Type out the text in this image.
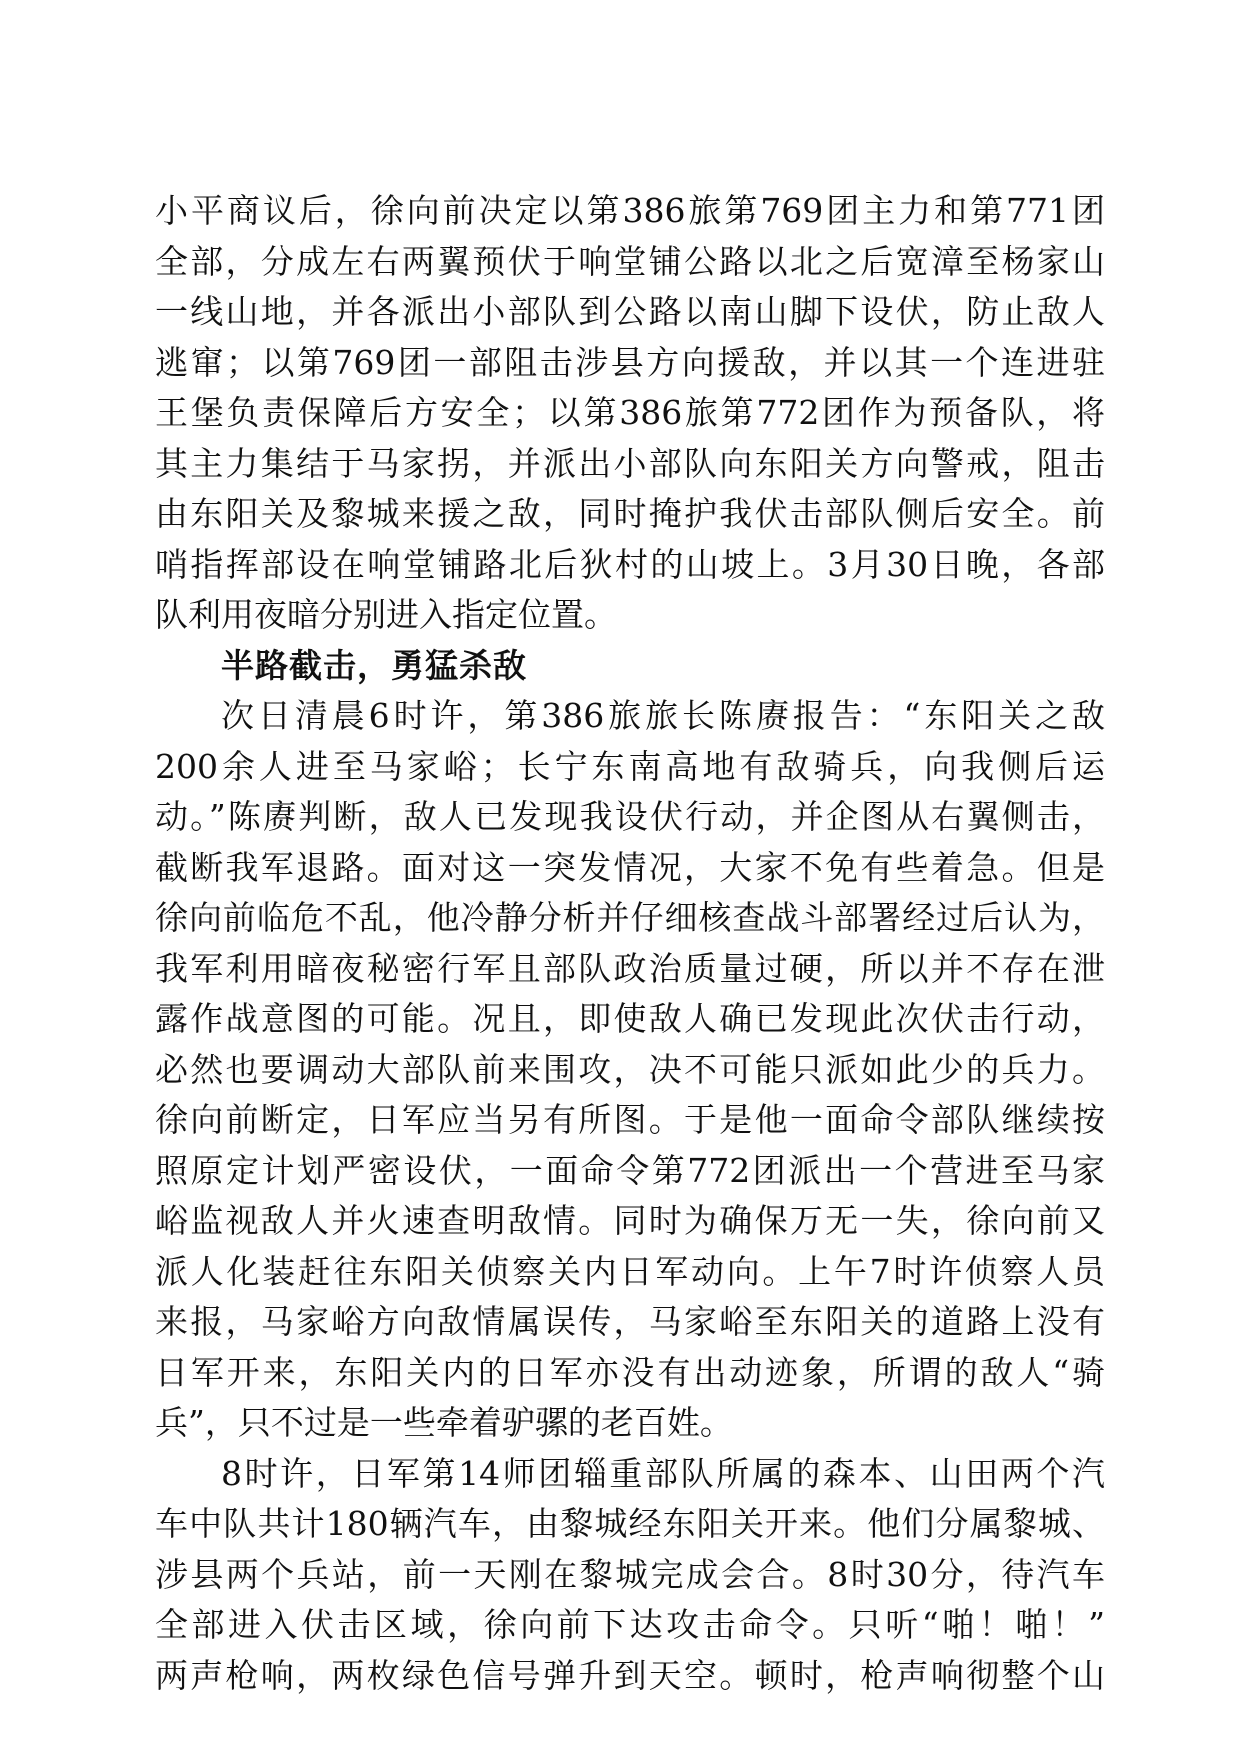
小平商议后，徐向前决定以第386旅第769团主力和第771团
全部，分成左右两翼预伏于响堂铺公路以北之后宽漳至杨家山
一线山地，并各派出小部队到公路以南山脚下设伏，防止敌人
逃窜；以第769团一部阻击涉县方向援敌，并以其一个连进驻
王堡负责保障后方安全；以第386旅第772团作为预备队，将
其主力集结于马家拐，并派出小部队向东阳关方向警戒，阻击
由东阳关及黎城来援之敌，同时掩护我伏击部队侧后安全。前
哨指挥部设在响堂铺路北后狄村的山坡上。3月30日晚，各部
队利用夜暗分别进入指定位置。
半路截击，勇猛杀敌
次日清晨6时许，第386旅旅长陈赓报告：“东阳关之敌
200余人进至马家峪；长宁东南高地有敌骑兵，向我侧后运
动。”陈赓判断，敌人已发现我设伏行动，并企图从右翼侧击，
截断我军退路。面对这一突发情况，大家不免有些着急。但是
徐向前临危不乱，他冷静分析并仔细核查战斗部署经过后认为，
我军利用暗夜秘密行军且部队政治质量过硬，所以并不存在泄
露作战意图的可能。况且，即使敌人确已发现此次伏击行动，
必然也要调动大部队前来围攻，决不可能只派如此少的兵力。
徐向前断定，日军应当另有所图。于是他一面命令部队继续按
照原定计划严密设伏，一面命令第772团派出一个营进至马家
峪监视敌人并火速查明敌情。同时为确保万无一失，徐向前又
派人化装赶往东阳关侦察关内日军动向。上午7时许侦察人员
来报，马家峪方向敌情属误传，马家峪至东阳关的道路上没有
日军开来，东阳关内的日军亦没有出动迹象，所谓的敌人“骑
兵”，只不过是一些牵着驴骡的老百姓。
8时许，日军第14师团辎重部队所属的森本、山田两个汽
车中队共计180辆汽车，由黎城经东阳关开来。他们分属黎城、
涉县两个兵站，前一天刚在黎城完成会合。8时30分，待汽车
全部进入伏击区域，徐向前下达攻击命令。只听“啪！啪！”
两声枪响，两枚绿色信号弹升到天空。顿时，枪声响彻整个山
